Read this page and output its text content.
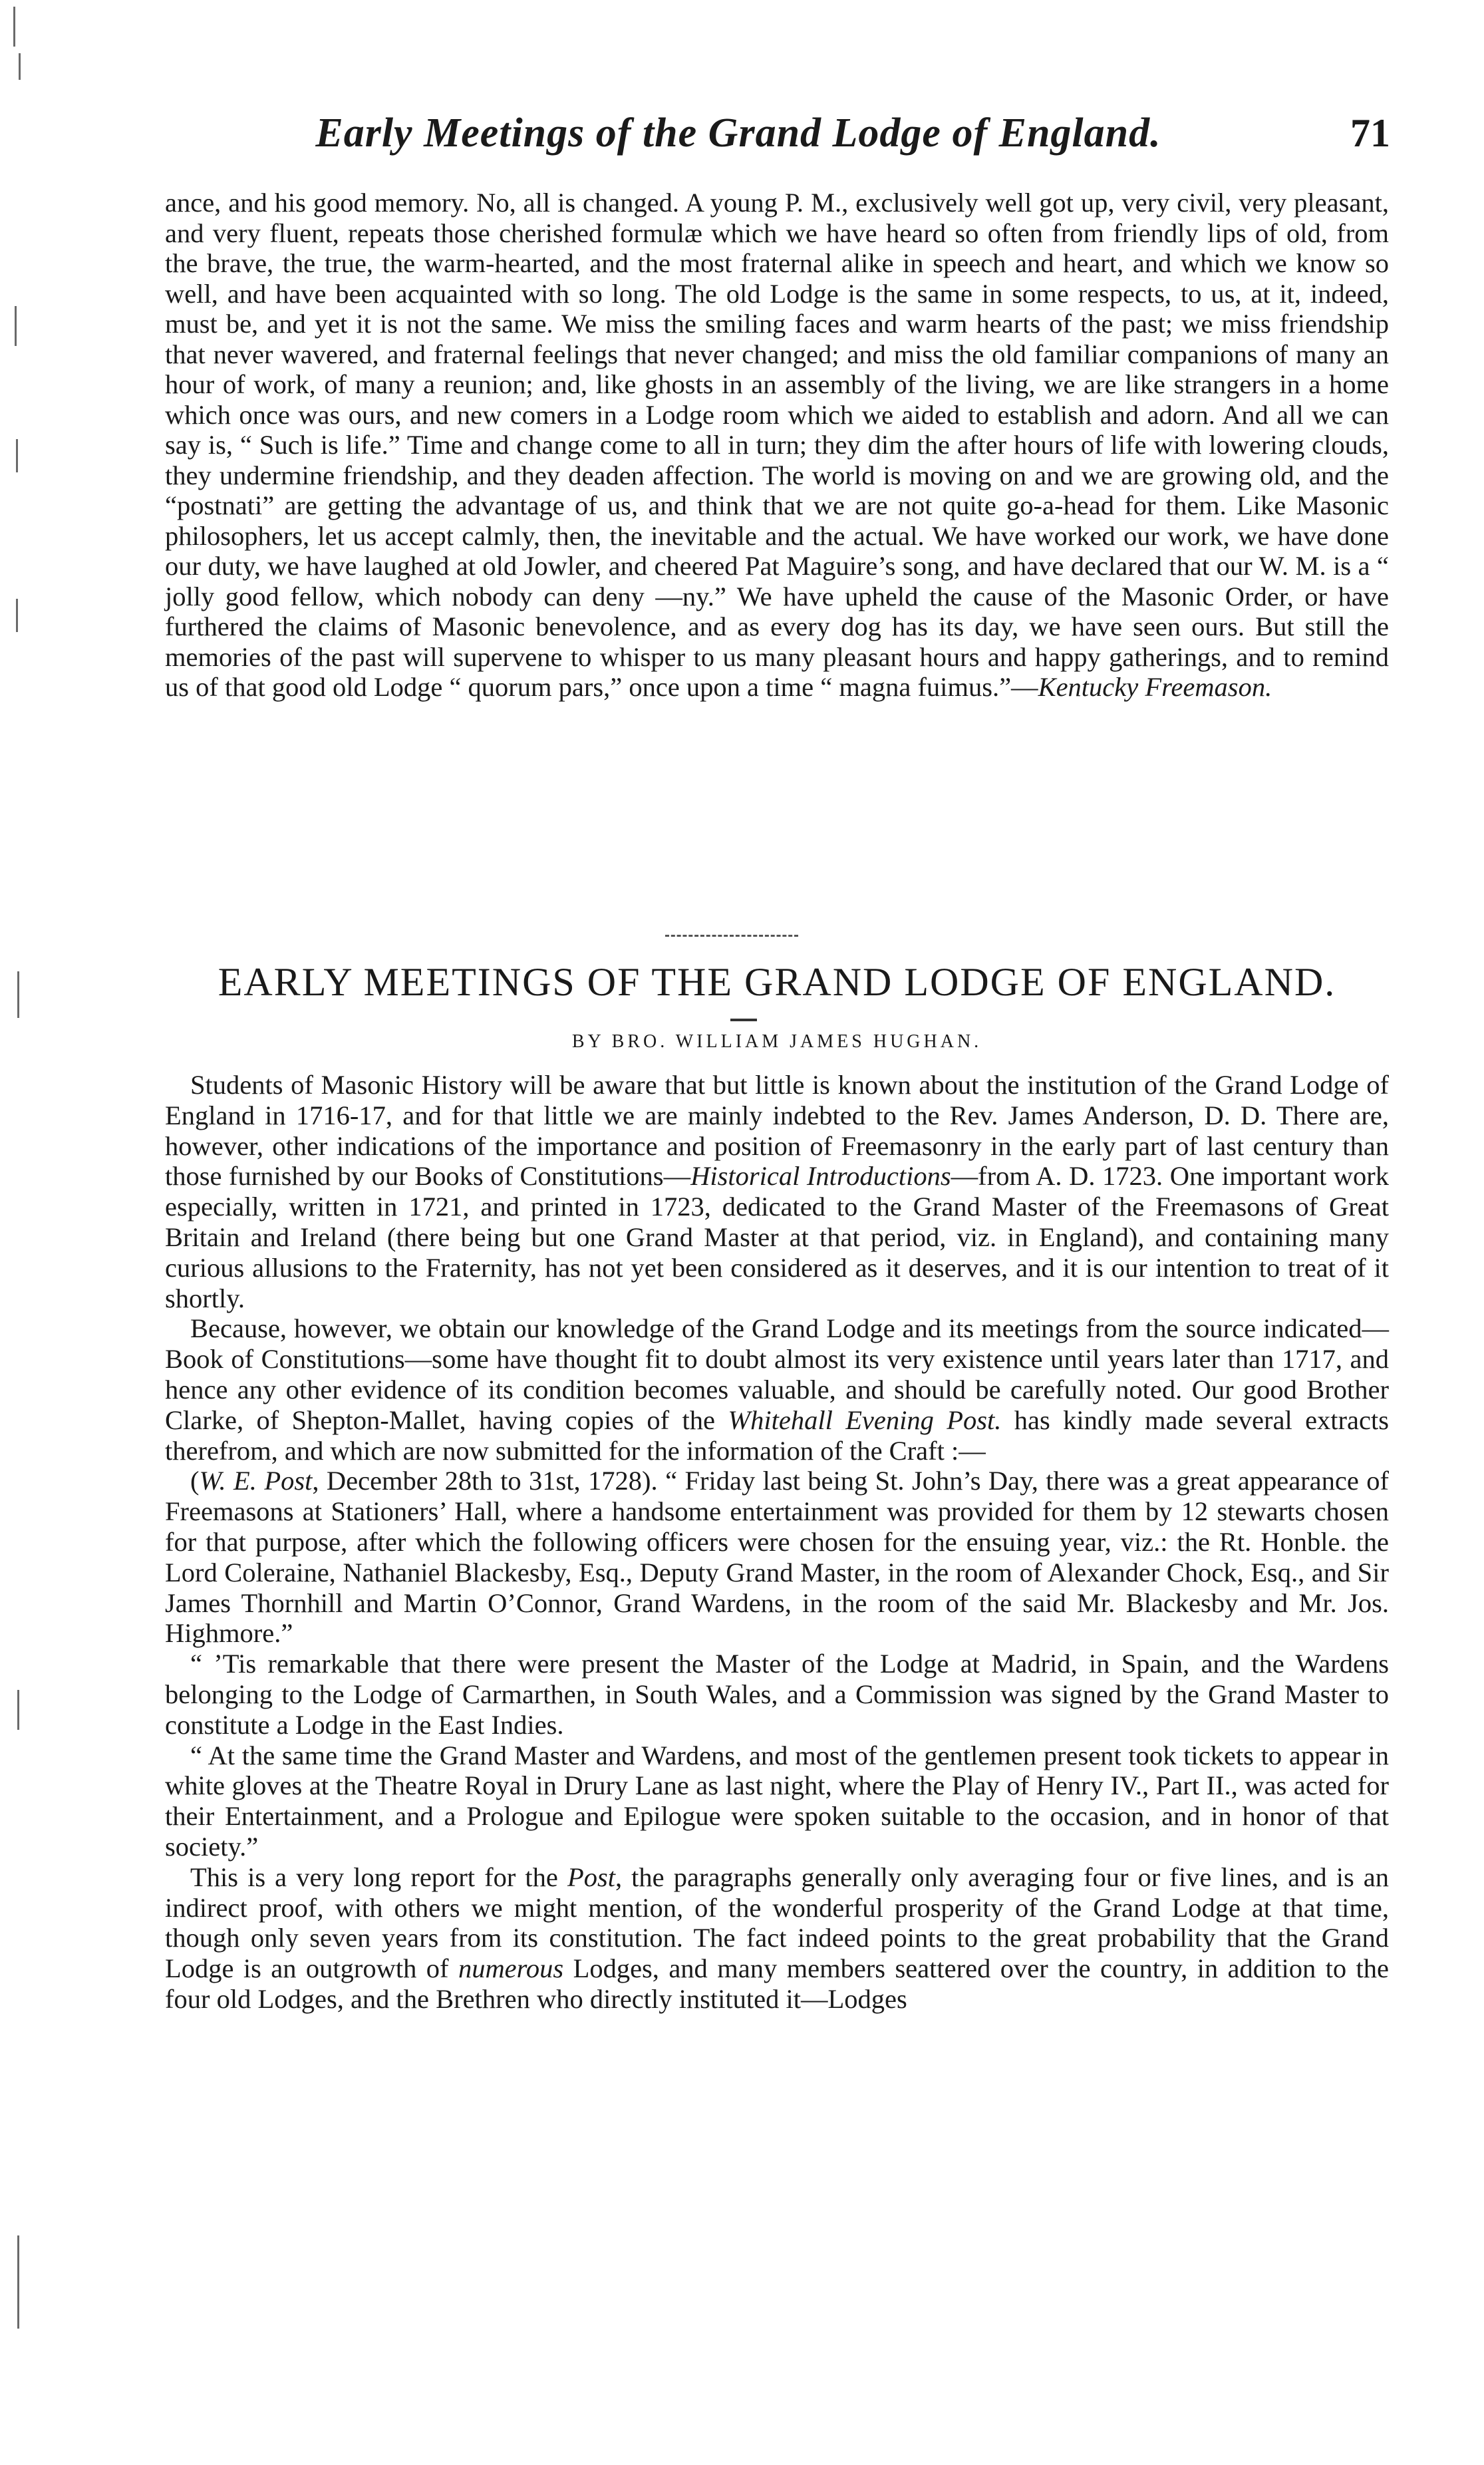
Early Meetings of the Grand Lodge of England.	71

ance, and his good memory. No, all is changed. A young P. M., exclusively well got up, very civil, very pleasant, and very fluent, repeats those cherished formulæ which we have heard so often from friendly lips of old, from the brave, the true, the warm-hearted, and the most fraternal alike in speech and heart, and which we know so well, and have been acquainted with so long. The old Lodge is the same in some respects, to us, at it, indeed, must be, and yet it is not the same. We miss the smiling faces and warm hearts of the past; we miss friendship that never wavered, and fraternal feelings that never changed; and miss the old familiar companions of many an hour of work, of many a reunion; and, like ghosts in an assembly of the living, we are like strangers in a home which once was ours, and new comers in a Lodge room which we aided to establish and adorn. And all we can say is, “ Such is life.” Time and change come to all in turn; they dim the after hours of life with lowering clouds, they undermine friendship, and they deaden affection. The world is moving on and we are growing old, and the “postnati” are getting the advantage of us, and think that we are not quite go-a-head for them. Like Masonic philosophers, let us accept calmly, then, the inevitable and the actual. We have worked our work, we have done our duty, we have laughed at old Jowler, and cheered Pat Maguire’s song, and have declared that our W. M. is a “ jolly good fellow, which nobody can deny —ny.” We have upheld the cause of the Masonic Order, or have furthered the claims of Masonic benevolence, and as every dog has its day, we have seen ours. But still the memories of the past will supervene to whisper to us many pleasant hours and happy gatherings, and to remind us of that good old Lodge “ quorum pars,” once upon a time “ magna fuimus.”—Kentucky Freemason.

EARLY MEETINGS OF THE GRAND LODGE OF ENGLAND.
BY BRO. WILLIAM JAMES HUGHAN.

Students of Masonic History will be aware that but little is known about the institution of the Grand Lodge of England in 1716-17, and for that little we are mainly indebted to the Rev. James Anderson, D. D. There are, however, other indications of the importance and position of Freemasonry in the early part of last century than those furnished by our Books of Constitutions—Historical Introductions—from A. D. 1723. One important work especially, written in 1721, and printed in 1723, dedicated to the Grand Master of the Freemasons of Great Britain and Ireland (there being but one Grand Master at that period, viz. in England), and containing many curious allusions to the Fraternity, has not yet been considered as it deserves, and it is our intention to treat of it shortly.

Because, however, we obtain our knowledge of the Grand Lodge and its meetings from the source indicated—Book of Constitutions—some have thought fit to doubt almost its very existence until years later than 1717, and hence any other evidence of its condition becomes valuable, and should be carefully noted. Our good Brother Clarke, of Shepton-Mallet, having copies of the Whitehall Evening Post. has kindly made several extracts therefrom, and which are now submitted for the information of the Craft :—

(W. E. Post, December 28th to 31st, 1728). “ Friday last being St. John’s Day, there was a great appearance of Freemasons at Stationers’ Hall, where a handsome entertainment was provided for them by 12 stewarts chosen for that purpose, after which the following officers were chosen for the ensuing year, viz.: the Rt. Honble. the Lord Coleraine, Nathaniel Blackesby, Esq., Deputy Grand Master, in the room of Alexander Chock, Esq., and Sir James Thornhill and Martin O’Connor, Grand Wardens, in the room of the said Mr. Blackesby and Mr. Jos. Highmore.”

“ ’Tis remarkable that there were present the Master of the Lodge at Madrid, in Spain, and the Wardens belonging to the Lodge of Carmarthen, in South Wales, and a Commission was signed by the Grand Master to constitute a Lodge in the East Indies.

“ At the same time the Grand Master and Wardens, and most of the gentlemen present took tickets to appear in white gloves at the Theatre Royal in Drury Lane as last night, where the Play of Henry IV., Part II., was acted for their Entertainment, and a Prologue and Epilogue were spoken suitable to the occasion, and in honor of that society.”

This is a very long report for the Post, the paragraphs generally only averaging four or five lines, and is an indirect proof, with others we might mention, of the wonderful prosperity of the Grand Lodge at that time, though only seven years from its constitution. The fact indeed points to the great probability that the Grand Lodge is an outgrowth of numerous Lodges, and many members seattered over the country, in addition to the four old Lodges, and the Brethren who directly instituted it—Lodges
